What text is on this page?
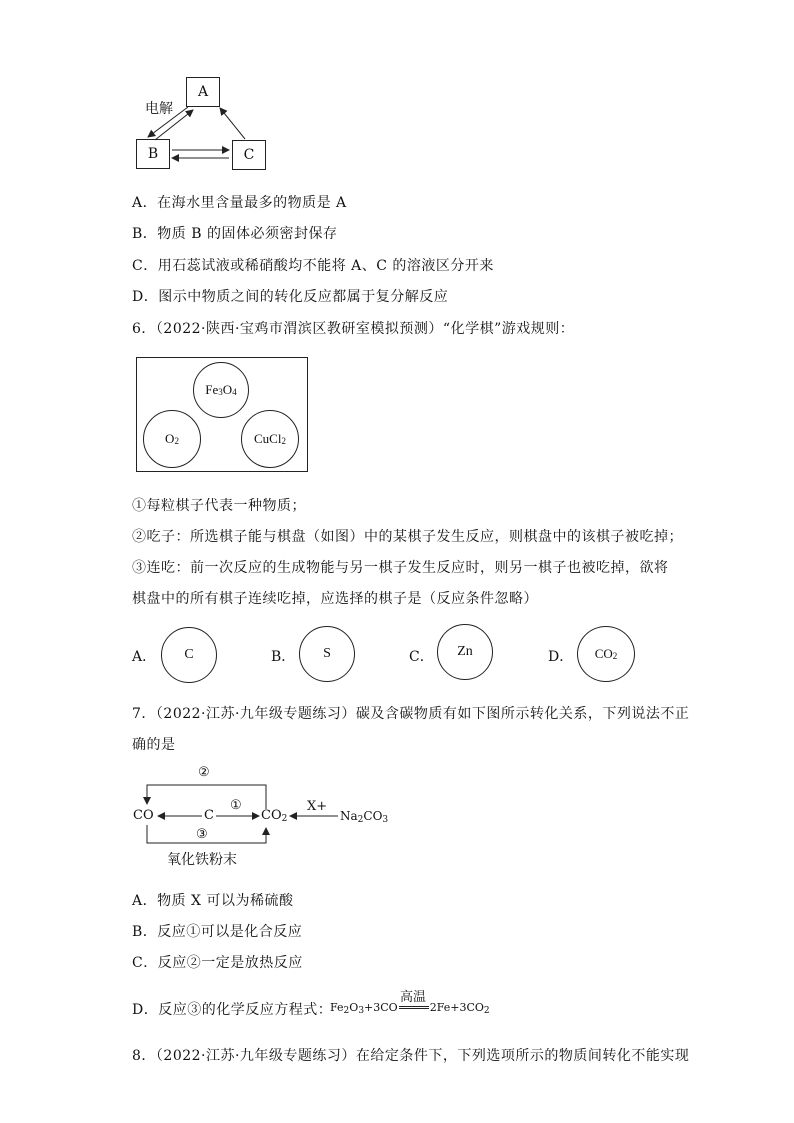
A
B	C
电解
A．在海水里含量最多的物质是 A
B．物质 B 的固体必须密封保存
C．用石蕊试液或稀硝酸均不能将 A、C 的溶液区分开来
D．图示中物质之间的转化反应都属于复分解反应
6．（2022·陕西·宝鸡市渭滨区教研室模拟预测）“化学棋”游戏规则：
Fe 3 O 4
O 2	CuCl 2
①每粒棋子代表一种物质；
②吃子：所选棋子能与棋盘（如图）中的某棋子发生反应，则棋盘中的该棋子被吃掉；
③连吃：前一次反应的生成物能与另一棋子发生反应时，则另一棋子也被吃掉，欲将
棋盘中的所有棋子连续吃掉，应选择的棋子是（反应条件忽略）
A． C	B． S	C． Zn	D． CO 2
7．（2022·江苏·九年级专题练习）碳及含碳物质有如下图所示转化关系，下列说法不正
确的是
CO	C	CO2
X+
Na2CO3
②
①
③
氧化铁粉末
A．物质 X 可以为稀硫酸
B．反应①可以是化合反应
C．反应②一定是放热反应
D．反应③的化学反应方程式：
Fe2O3+3CO	2Fe+3CO2
高温
8．（2022·江苏·九年级专题练习）在给定条件下，下列选项所示的物质间转化不能实现
